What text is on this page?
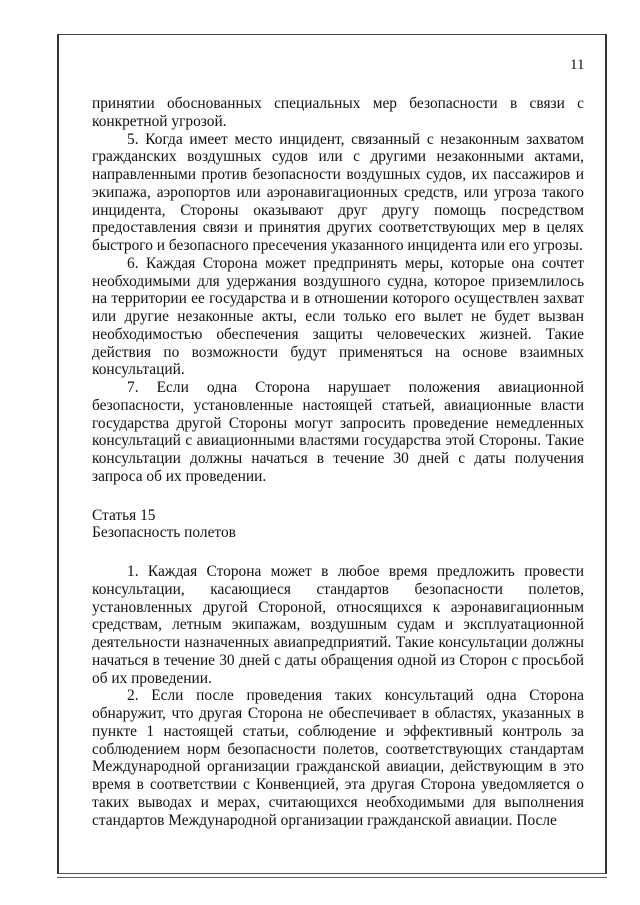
11

принятии обоснованных специальных мер безопасности в связи с конкретной угрозой.

5. Когда имеет место инцидент, связанный с незаконным захватом гражданских воздушных судов или с другими незаконными актами, направленными против безопасности воздушных судов, их пассажиров и экипажа, аэропортов или аэронавигационных средств, или угроза такого инцидента, Стороны оказывают друг другу помощь посредством предоставления связи и принятия других соответствующих мер в целях быстрого и безопасного пресечения указанного инцидента или его угрозы.

6. Каждая Сторона может предпринять меры, которые она сочтет необходимыми для удержания воздушного судна, которое приземлилось на территории ее государства и в отношении которого осуществлен захват или другие незаконные акты, если только его вылет не будет вызван необходимостью обеспечения защиты человеческих жизней. Такие действия по возможности будут применяться на основе взаимных консультаций.

7. Если одна Сторона нарушает положения авиационной безопасности, установленные настоящей статьей, авиационные власти государства другой Стороны могут запросить проведение немедленных консультаций с авиационными властями государства этой Стороны. Такие консультации должны начаться в течение 30 дней с даты получения запроса об их проведении.

Статья 15

Безопасность полетов

1. Каждая Сторона может в любое время предложить провести консультации, касающиеся стандартов безопасности полетов, установленных другой Стороной, относящихся к аэронавигационным средствам, летным экипажам, воздушным судам и эксплуатационной деятельности назначенных авиапредприятий. Такие консультации должны начаться в течение 30 дней с даты обращения одной из Сторон с просьбой об их проведении.

2. Если после проведения таких консультаций одна Сторона обнаружит, что другая Сторона не обеспечивает в областях, указанных в пункте 1 настоящей статьи, соблюдение и эффективный контроль за соблюдением норм безопасности полетов, соответствующих стандартам Международной организации гражданской авиации, действующим в это время в соответствии с Конвенцией, эта другая Сторона уведомляется о таких выводах и мерах, считающихся необходимыми для выполнения стандартов Международной организации гражданской авиации. После
